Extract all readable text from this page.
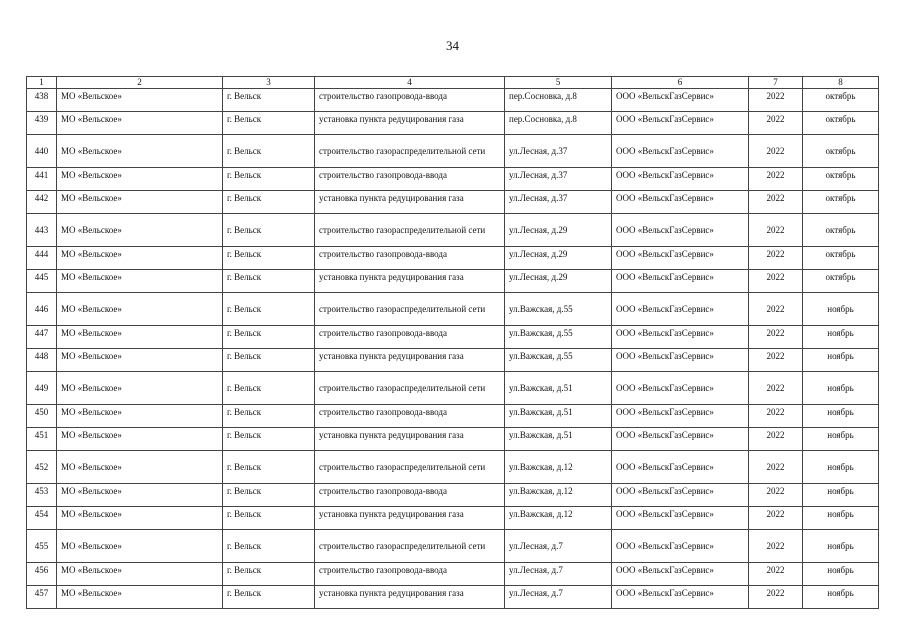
34
1	2	3	4	5	6	7	8
438	МО «Вельское»	г. Вельск	строительство газопровода-ввода	пер.Сосновка, д.8	ООО «ВельскГазСервис»	2022	октябрь
439	МО «Вельское»	г. Вельск	установка пункта редуцирования газа	пер.Сосновка, д.8	ООО «ВельскГазСервис»	2022	октябрь
440	МО «Вельское»	г. Вельск	строительство газораспределительной сети	ул.Лесная, д.37	ООО «ВельскГазСервис»	2022	октябрь
441	МО «Вельское»	г. Вельск	строительство газопровода-ввода	ул.Лесная, д.37	ООО «ВельскГазСервис»	2022	октябрь
442	МО «Вельское»	г. Вельск	установка пункта редуцирования газа	ул.Лесная, д.37	ООО «ВельскГазСервис»	2022	октябрь
443	МО «Вельское»	г. Вельск	строительство газораспределительной сети	ул.Лесная, д.29	ООО «ВельскГазСервис»	2022	октябрь
444	МО «Вельское»	г. Вельск	строительство газопровода-ввода	ул.Лесная, д.29	ООО «ВельскГазСервис»	2022	октябрь
445	МО «Вельское»	г. Вельск	установка пункта редуцирования газа	ул.Лесная, д.29	ООО «ВельскГазСервис»	2022	октябрь
446	МО «Вельское»	г. Вельск	строительство газораспределительной сети	ул.Важская, д.55	ООО «ВельскГазСервис»	2022	ноябрь
447	МО «Вельское»	г. Вельск	строительство газопровода-ввода	ул.Важская, д.55	ООО «ВельскГазСервис»	2022	ноябрь
448	МО «Вельское»	г. Вельск	установка пункта редуцирования газа	ул.Важская, д.55	ООО «ВельскГазСервис»	2022	ноябрь
449	МО «Вельское»	г. Вельск	строительство газораспределительной сети	ул.Важская, д.51	ООО «ВельскГазСервис»	2022	ноябрь
450	МО «Вельское»	г. Вельск	строительство газопровода-ввода	ул.Важская, д.51	ООО «ВельскГазСервис»	2022	ноябрь
451	МО «Вельское»	г. Вельск	установка пункта редуцирования газа	ул.Важская, д.51	ООО «ВельскГазСервис»	2022	ноябрь
452	МО «Вельское»	г. Вельск	строительство газораспределительной сети	ул.Важская, д.12	ООО «ВельскГазСервис»	2022	ноябрь
453	МО «Вельское»	г. Вельск	строительство газопровода-ввода	ул.Важская, д.12	ООО «ВельскГазСервис»	2022	ноябрь
454	МО «Вельское»	г. Вельск	установка пункта редуцирования газа	ул.Важская, д.12	ООО «ВельскГазСервис»	2022	ноябрь
455	МО «Вельское»	г. Вельск	строительство газораспределительной сети	ул.Лесная, д.7	ООО «ВельскГазСервис»	2022	ноябрь
456	МО «Вельское»	г. Вельск	строительство газопровода-ввода	ул.Лесная, д.7	ООО «ВельскГазСервис»	2022	ноябрь
457	МО «Вельское»	г. Вельск	установка пункта редуцирования газа	ул.Лесная, д.7	ООО «ВельскГазСервис»	2022	ноябрь
